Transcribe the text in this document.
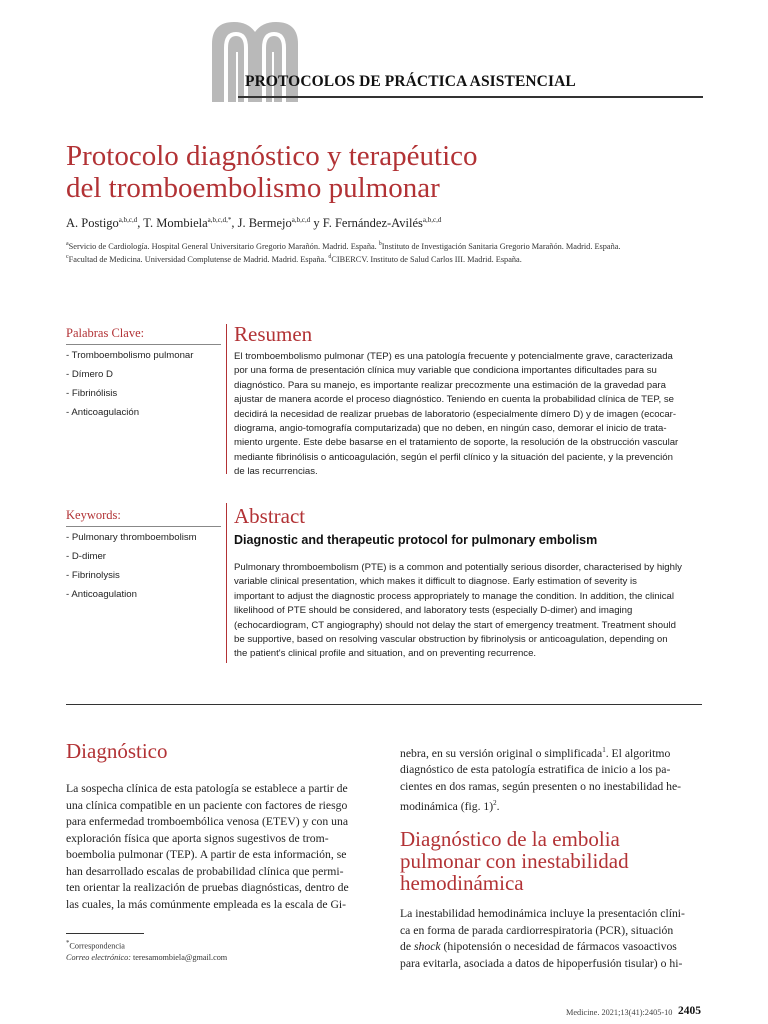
PROTOCOLOS DE PRÁCTICA ASISTENCIAL
Protocolo diagnóstico y terapéutico
del tromboembolismo pulmonar
A. Postigo$^{a,b,c,d}$, T. Mombiela$^{a,b,c,d,*}$, J. Bermejo$^{a,b,c,d}$ y F. Fernández-Avilés$^{a,b,c,d}$
$^a$Servicio de Cardiología. Hospital General Universitario Gregorio Marañón. Madrid. España. $^b$Instituto de Investigación Sanitaria Gregorio Marañón. Madrid. España.
$^c$Facultad de Medicina. Universidad Complutense de Madrid. Madrid. España. $^d$CIBERCV. Instituto de Salud Carlos III. Madrid. España.
Palabras Clave:
- Tromboembolismo pulmonar
- Dímero D
- Fibrinólisis
- Anticoagulación
Resumen
El tromboembolismo pulmonar (TEP) es una patología frecuente y potencialmente grave, caracterizada
por una forma de presentación clínica muy variable que condiciona importantes dificultades para su
diagnóstico. Para su manejo, es importante realizar precozmente una estimación de la gravedad para
ajustar de manera acorde el proceso diagnóstico. Teniendo en cuenta la probabilidad clínica de TEP, se
decidirá la necesidad de realizar pruebas de laboratorio (especialmente dímero D) y de imagen (ecocar-
diograma, angio-tomografía computarizada) que no deben, en ningún caso, demorar el inicio de trata-
miento urgente. Este debe basarse en el tratamiento de soporte, la resolución de la obstrucción vascular
mediante fibrinólisis o anticoagulación, según el perfil clínico y la situación del paciente, y la prevención
de las recurrencias.
Keywords:
- Pulmonary thromboembolism
- D-dimer
- Fibrinolysis
- Anticoagulation
Abstract
Diagnostic and therapeutic protocol for pulmonary embolism
Pulmonary thromboembolism (PTE) is a common and potentially serious disorder, characterised by highly
variable clinical presentation, which makes it difficult to diagnose. Early estimation of severity is
important to adjust the diagnostic process appropriately to manage the condition. In addition, the clinical
likelihood of PTE should be considered, and laboratory tests (especially D-dimer) and imaging
(echocardiogram, CT angiography) should not delay the start of emergency treatment. Treatment should
be supportive, based on resolving vascular obstruction by fibrinolysis or anticoagulation, depending on
the patient's clinical profile and situation, and on preventing recurrence.
Diagnóstico
La sospecha clínica de esta patología se establece a partir de
una clínica compatible en un paciente con factores de riesgo
para enfermedad tromboembólica venosa (ETEV) y con una
exploración física que aporta signos sugestivos de trom-
boembolia pulmonar (TEP). A partir de esta información, se
han desarrollado escalas de probabilidad clínica que permi-
ten orientar la realización de pruebas diagnósticas, dentro de
las cuales, la más comúnmente empleada es la escala de Gi-
*Correspondencia
Correo electrónico: teresamombiela@gmail.com
nebra, en su versión original o simplificada$^1$. El algoritmo
diagnóstico de esta patología estratifica de inicio a los pa-
cientes en dos ramas, según presenten o no inestabilidad he-
modinámica (fig. 1)$^2$.
Diagnóstico de la embolia
pulmonar con inestabilidad
hemodinámica
La inestabilidad hemodinámica incluye la presentación clíni-
ca en forma de parada cardiorrespiratoria (PCR), situación
de shock (hipotensión o necesidad de fármacos vasoactivos
para evitarla, asociada a datos de hipoperfusión tisular) o hi-
Medicine. 2021;13(41):2405-10 2405
